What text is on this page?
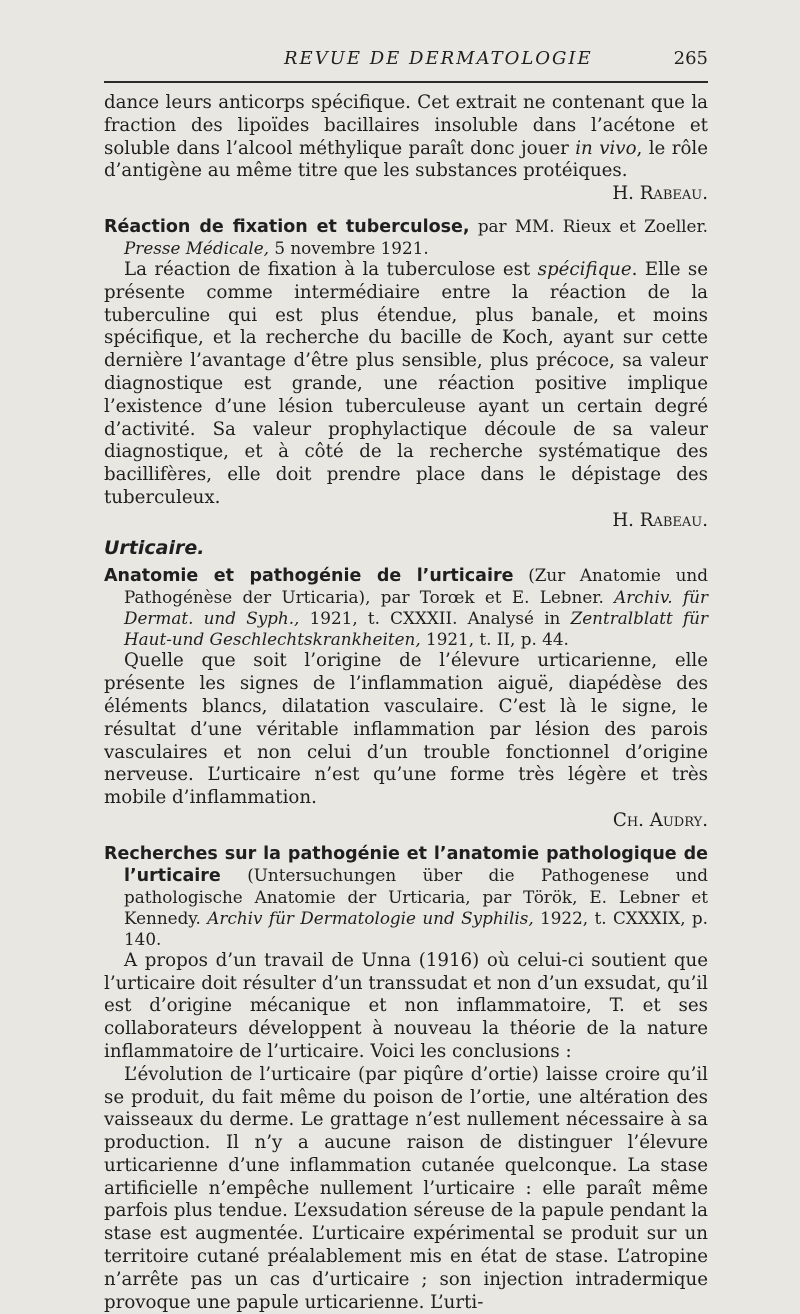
REVUE DE DERMATOLOGIE	265

dance leurs anticorps spécifique. Cet extrait ne contenant que la fraction des lipoïdes bacillaires insoluble dans l’acétone et soluble dans l’alcool méthylique paraît donc jouer in vivo, le rôle d’antigène au même titre que les substances protéiques.

H. Rabeau.

Réaction de fixation et tuberculose, par MM. Rieux et Zoeller. Presse Médicale, 5 novembre 1921.

La réaction de fixation à la tuberculose est spécifique. Elle se présente comme intermédiaire entre la réaction de la tuberculine qui est plus étendue, plus banale, et moins spécifique, et la recherche du bacille de Koch, ayant sur cette dernière l’avantage d’être plus sensible, plus précoce, sa valeur diagnostique est grande, une réaction positive implique l’existence d’une lésion tuberculeuse ayant un certain degré d’activité. Sa valeur prophylactique découle de sa valeur diagnostique, et à côté de la recherche systématique des bacillifères, elle doit prendre place dans le dépistage des tuberculeux.

H. Rabeau.

Urticaire.

Anatomie et pathogénie de l’urticaire (Zur Anatomie und Pathogénèse der Urticaria), par Torœk et E. Lebner. Archiv. für Dermat. und Syph., 1921, t. CXXXII. Analysé in Zentralblatt für Haut-und Geschlechtskrankheiten, 1921, t. II, p. 44.

Quelle que soit l’origine de l’élevure urticarienne, elle présente les signes de l’inflammation aiguë, diapédèse des éléments blancs, dilatation vasculaire. C’est là le signe, le résultat d’une véritable inflammation par lésion des parois vasculaires et non celui d’un trouble fonctionnel d’origine nerveuse. L’urticaire n’est qu’une forme très légère et très mobile d’inflammation.

Ch. Audry.

Recherches sur la pathogénie et l’anatomie pathologique de l’urticaire (Untersuchungen über die Pathogenese und pathologische Anatomie der Urticaria, par Török, E. Lebner et Kennedy. Archiv für Dermatologie und Syphilis, 1922, t. CXXXIX, p. 140.

A propos d’un travail de Unna (1916) où celui-ci soutient que l’urticaire doit résulter d’un transsudat et non d’un exsudat, qu’il est d’origine mécanique et non inflammatoire, T. et ses collaborateurs développent à nouveau la théorie de la nature inflammatoire de l’urticaire. Voici les conclusions :

L’évolution de l’urticaire (par piqûre d’ortie) laisse croire qu’il se produit, du fait même du poison de l’ortie, une altération des vaisseaux du derme. Le grattage n’est nullement nécessaire à sa production. Il n’y a aucune raison de distinguer l’élevure urticarienne d’une inflammation cutanée quelconque. La stase artificielle n’empêche nullement l’urticaire : elle paraît même parfois plus tendue. L’exsudation séreuse de la papule pendant la stase est augmentée. L’urticaire expérimental se produit sur un territoire cutané préalablement mis en état de stase. L’atropine n’arrête pas un cas d’urticaire ; son injection intradermique provoque une papule urticarienne. L’urti-
